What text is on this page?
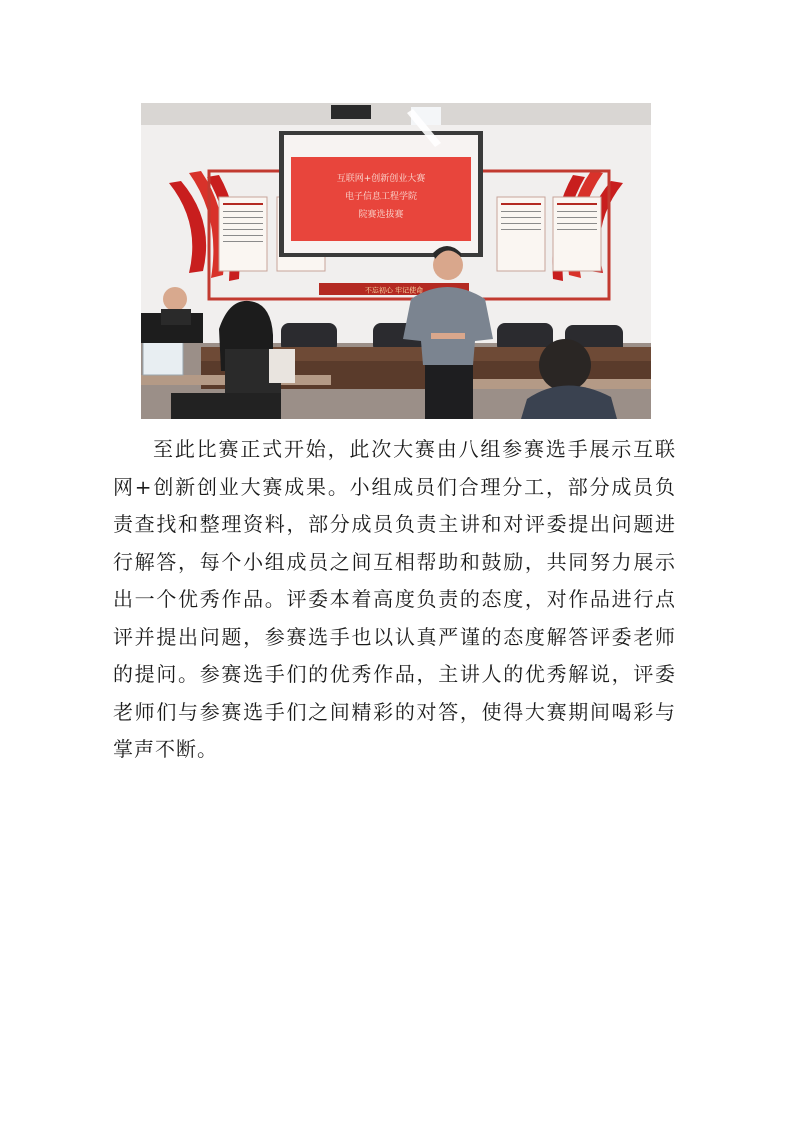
不忘初心 牢记使命
互联网+创新创业大赛
电子信息工程学院
院赛选拔赛

至此比赛正式开始，此次大赛由八组参赛选手展示互联网+创新创业大赛成果。小组成员们合理分工，部分成员负责查找和整理资料，部分成员负责主讲和对评委提出问题进行解答，每个小组成员之间互相帮助和鼓励，共同努力展示出一个优秀作品。评委本着高度负责的态度，对作品进行点评并提出问题，参赛选手也以认真严谨的态度解答评委老师的提问。参赛选手们的优秀作品，主讲人的优秀解说，评委老师们与参赛选手们之间精彩的对答，使得大赛期间喝彩与掌声不断。
